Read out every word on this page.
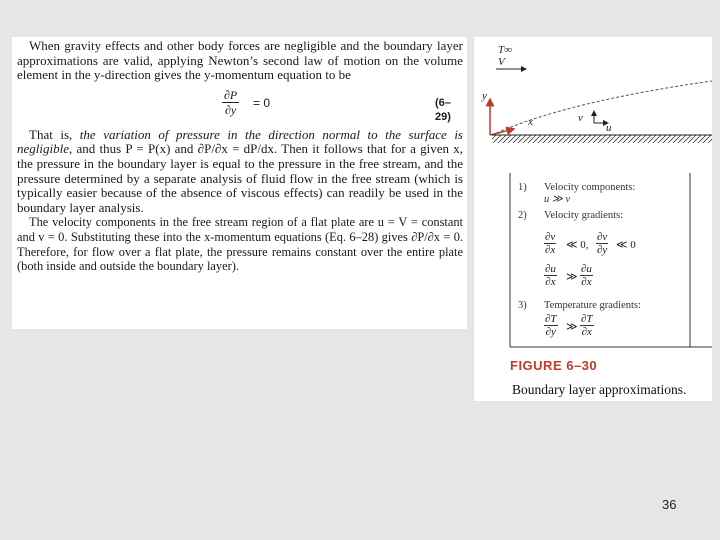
When gravity effects and other body forces are negligible and the boundary layer approximations are valid, applying Newton’s second law of motion on the volume element in the y-direction gives the y-momentum equation to be

$\frac{\partial P}{\partial y} = 0$	(6–29)

That is, the variation of pressure in the direction normal to the surface is negligible, and thus P = P(x) and ∂P/∂x = dP/dx. Then it follows that for a given x, the pressure in the boundary layer is equal to the pressure in the free stream, and the pressure determined by a separate analysis of fluid flow in the free stream (which is typically easier because of the absence of viscous effects) can readily be used in the boundary layer analysis.

The velocity components in the free stream region of a flat plate are u = V = constant and v = 0. Substituting these into the x-momentum equations (Eq. 6–28) gives ∂P/∂x = 0. Therefore, for flow over a flat plate, the pressure remains constant over the entire plate (both inside and outside the boundary layer).

T∞
V
y
x	v
u
1) Velocity components:
u ≫ v
2) Velocity gradients:
3) Temperature gradients:
$\frac{\partial v}{\partial x}$ ≪ 0, $\frac{\partial v}{\partial y}$ ≪ 0
$\frac{\partial u}{\partial x}$ ≫ $\frac{\partial u}{\partial x}$
$\frac{\partial T}{\partial y}$ ≫ $\frac{\partial T}{\partial x}$
FIGURE 6–30
Boundary layer approximations.
36
